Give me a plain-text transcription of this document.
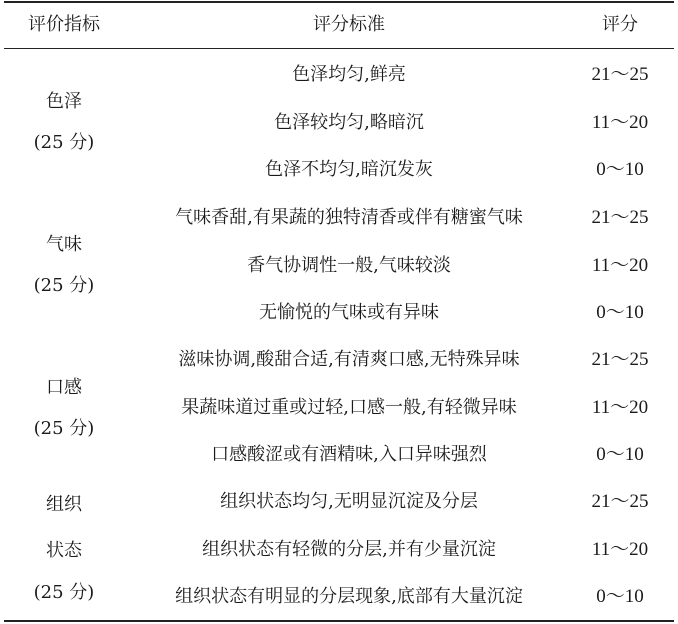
评价指标	评分标准	评分
色泽
(25 分)
色泽均匀,鲜亮	21～25
色泽较均匀,略暗沉	11～20
色泽不均匀,暗沉发灰	0～10
气味
(25 分)
气味香甜,有果蔬的独特清香或伴有糖蜜气味	21～25
香气协调性一般,气味较淡	11～20
无愉悦的气味或有异味	0～10
口感
(25 分)
滋味协调,酸甜合适,有清爽口感,无特殊异味	21～25
果蔬味道过重或过轻,口感一般,有轻微异味	11～20
口感酸涩或有酒精味,入口异味强烈	0～10
组织
状态
(25 分)
组织状态均匀,无明显沉淀及分层	21～25
组织状态有轻微的分层,并有少量沉淀	11～20
组织状态有明显的分层现象,底部有大量沉淀	0～10
